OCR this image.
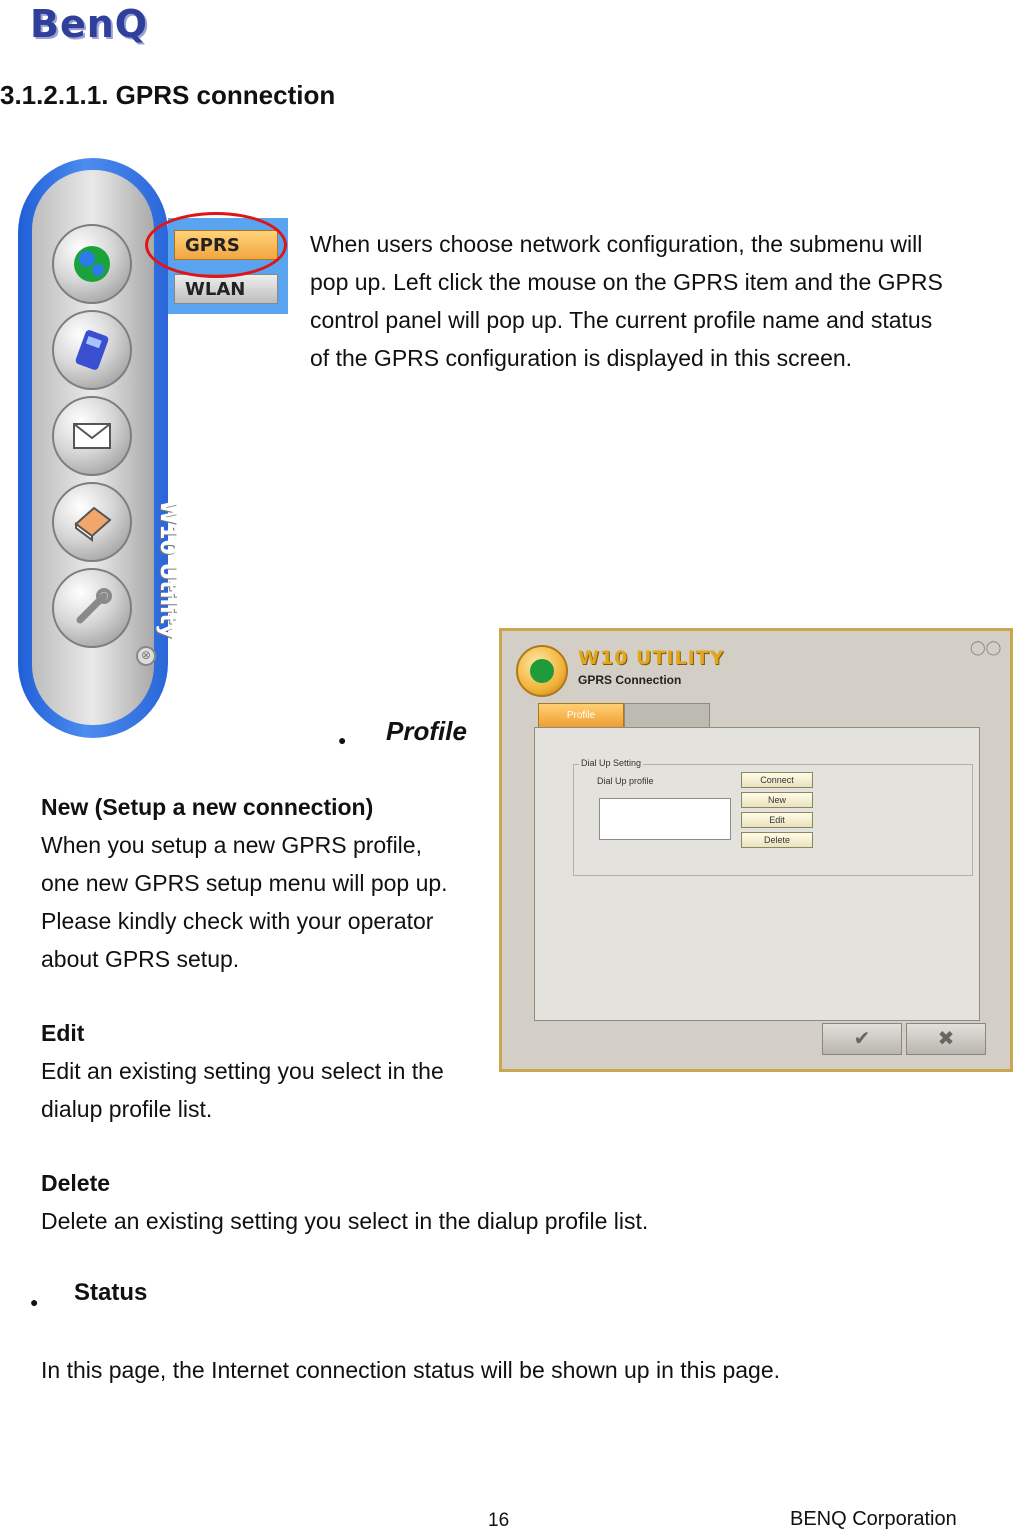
BenQ
3.1.2.1.1. GPRS connection
W10 Utility
⊗
GPRS
WLAN
When users choose network configuration, the submenu will
pop up. Left click the mouse on the GPRS item and the GPRS
control panel will pop up. The current profile name and status
of the GPRS configuration is displayed in this screen.
W10 UTILITY
GPRS Connection
◯◯
Profile
Dial Up Setting
Dial Up profile	Connect
New
Edit
Delete
✔	✖
● Profile
New (Setup a new connection)
When you setup a new GPRS profile,
one new GPRS setup menu will pop up.
Please kindly check with your operator
about GPRS setup.
Edit
Edit an existing setting you select in the
dialup profile list.
Delete
Delete an existing setting you select in the dialup profile list.
● Status
In this page, the Internet connection status will be shown up in this page.
16	BENQ Corporation
